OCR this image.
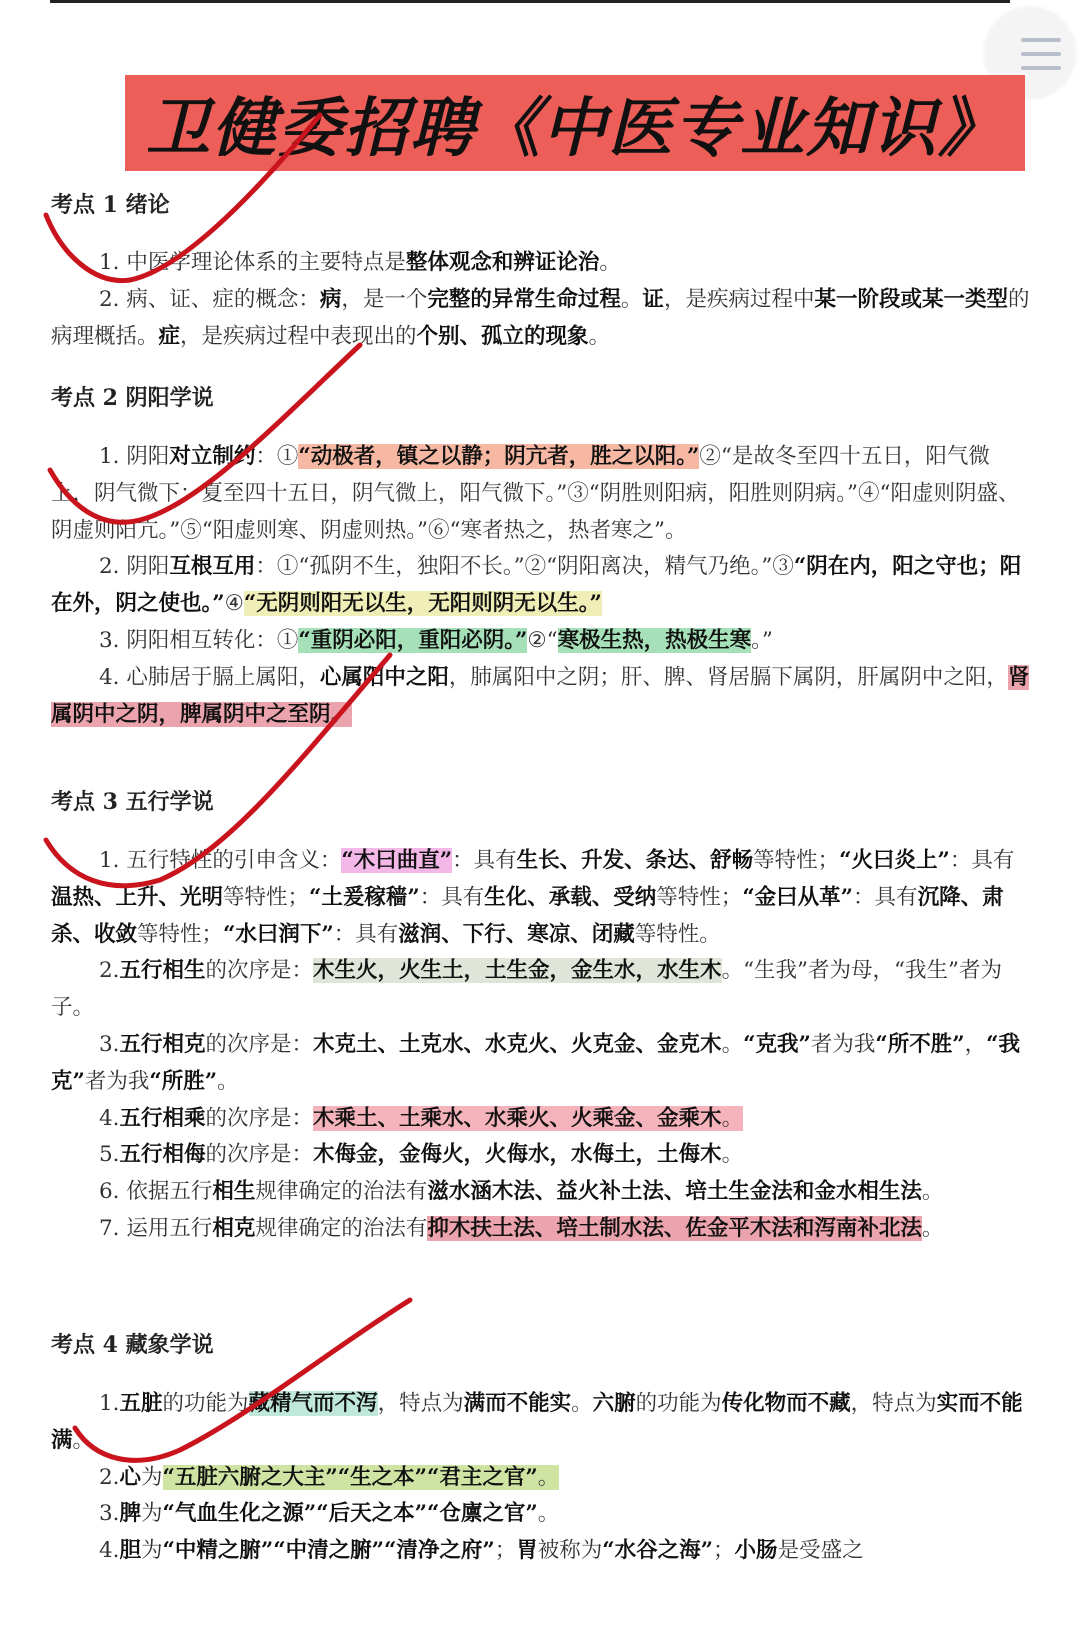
卫健委招聘《中医专业知识》
考点 1 绪论
1. 中医学理论体系的主要特点是整体观念和辨证论治。
2. 病、证、症的概念：病，是一个完整的异常生命过程。证，是疾病过程中某一阶段或某一类型的病理概括。症，是疾病过程中表现出的个别、孤立的现象。
考点 2 阴阳学说
1. 阴阳对立制约：①“动极者，镇之以静；阴亢者，胜之以阳。”②“是故冬至四十五日，阳气微上，阴气微下；夏至四十五日，阴气微上，阳气微下。”③“阴胜则阳病，阳胜则阴病。”④“阳虚则阴盛、阴虚则阳亢。”⑤“阳虚则寒、阴虚则热。”⑥“寒者热之，热者寒之”。
2. 阴阳互根互用：①“孤阴不生，独阳不长。”②“阴阳离决，精气乃绝。”③“阴在内，阳之守也；阳在外，阴之使也。”④“无阴则阳无以生，无阳则阴无以生。”
3. 阴阳相互转化：①“重阴必阳，重阳必阴。”②“寒极生热，热极生寒。”
4. 心肺居于膈上属阳，心属阳中之阳，肺属阳中之阴；肝、脾、肾居膈下属阴，肝属阴中之阳，肾属阴中之阴，脾属阴中之至阴。
考点 3 五行学说
1. 五行特性的引申含义：“木曰曲直”：具有生长、升发、条达、舒畅等特性；“火曰炎上”：具有温热、上升、光明等特性；“土爰稼穑”：具有生化、承载、受纳等特性；“金曰从革”：具有沉降、肃杀、收敛等特性；“水曰润下”：具有滋润、下行、寒凉、闭藏等特性。
2.五行相生的次序是：木生火，火生土，土生金，金生水，水生木。“生我”者为母，“我生”者为子。
3.五行相克的次序是：木克土、土克水、水克火、火克金、金克木。“克我”者为我“所不胜”，“我克”者为我“所胜”。
4.五行相乘的次序是：木乘土、土乘水、水乘火、火乘金、金乘木。
5.五行相侮的次序是：木侮金，金侮火，火侮水，水侮土，土侮木。
6. 依据五行相生规律确定的治法有滋水涵木法、益火补土法、培土生金法和金水相生法。
7. 运用五行相克规律确定的治法有抑木扶土法、培土制水法、佐金平木法和泻南补北法。
考点 4 藏象学说
1.五脏的功能为藏精气而不泻，特点为满而不能实。六腑的功能为传化物而不藏，特点为实而不能满。
2.心为“五脏六腑之大主”“生之本”“君主之官”。
3.脾为“气血生化之源”“后天之本”“仓廪之官”。
4.胆为“中精之腑”“中清之腑”“清净之府”；胃被称为“水谷之海”；小肠是受盛之
